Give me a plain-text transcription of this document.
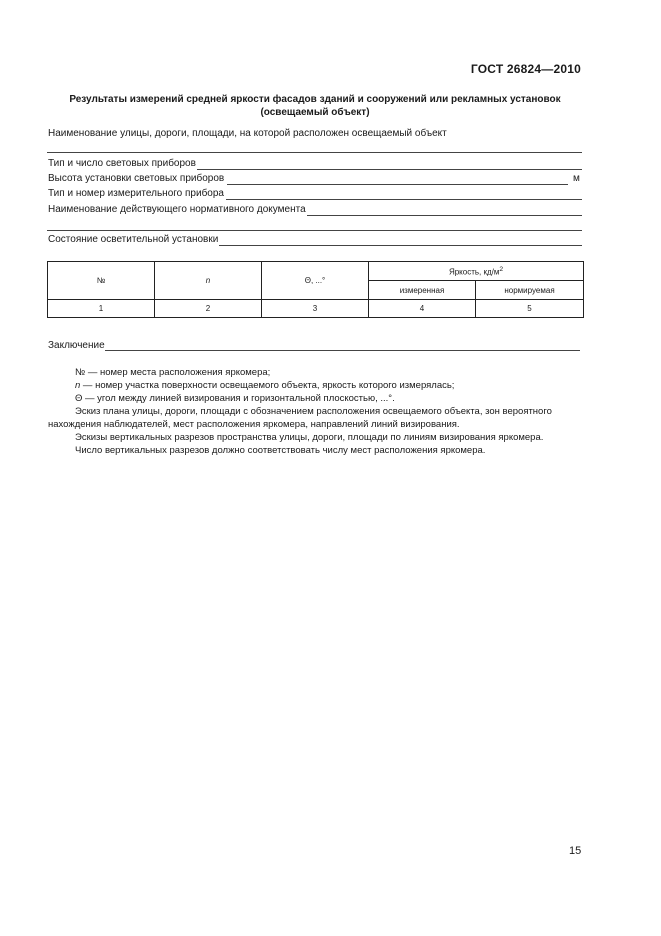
ГОСТ 26824—2010
Результаты измерений средней яркости фасадов зданий и сооружений или рекламных установок
(освещаемый объект)
Наименование улицы, дороги, площади, на которой расположен освещаемый объект
Тип и число световых приборов
Высота установки световых приборов	м
Тип и номер измерительного прибора
Наименование действующего нормативного документа
Состояние осветительной установки
№	n	Θ, ...°	Яркость, $кд/м^2$
			измеренная	нормируемая
1	2	3	4	5
Заключение

№ — номер места расположения яркомера;

n — номер участка поверхности освещаемого объекта, яркость которого измерялась;

Θ — угол между линией визирования и горизонтальной плоскостью, ...°.

Эскиз плана улицы, дороги, площади с обозначением расположения освещаемого объекта, зон вероятного нахождения наблюдателей, мест расположения яркомера, направлений линий визирования.

Эскизы вертикальных разрезов пространства улицы, дороги, площади по линиям визирования яркомера.

Число вертикальных разрезов должно соответствовать числу мест расположения яркомера.

15
